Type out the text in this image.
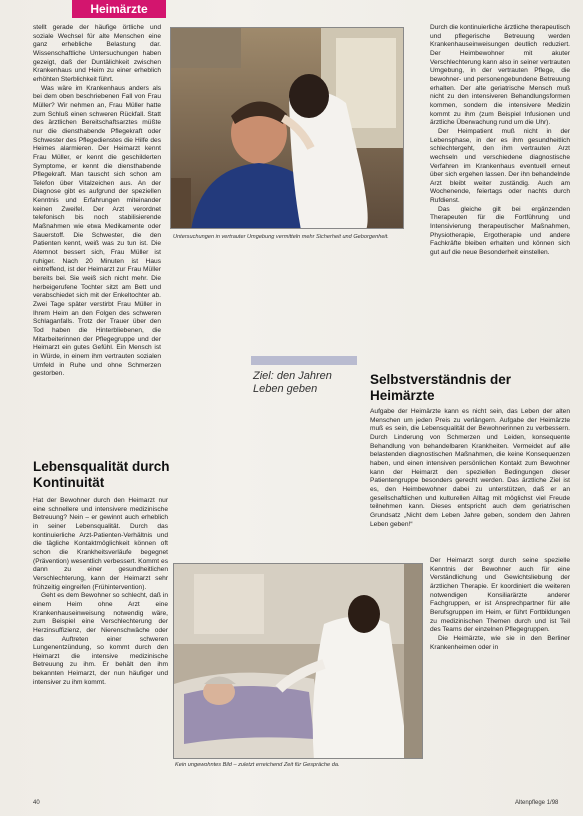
Heimärzte

stellt gerade der häufige örtliche und soziale Wechsel für alte Menschen eine ganz erhebliche Belastung dar. Wissenschaftliche Untersuchungen haben gezeigt, daß der Duntälichkeit zwischen Krankenhaus und Heim zu einer erheblich erhöhten Sterblichkeit führt.

Was wäre im Krankenhaus anders als bei dem oben beschriebenen Fall von Frau Müller? Wir nehmen an, Frau Müller hatte zum Schluß einen schweren Rückfall. Statt des ärztlichen Bereitschaftsarztes müßte nur die diensthabende Pflegekraft oder Schwester des Pflegedienstes die Hilfe des Heimes alarmieren. Der Heimarzt kennt Frau Müller, er kennt die geschilderten Symptome, er kennt die diensthabende Pflegekraft. Man tauscht sich schon am Telefon über Vitalzeichen aus. An der Diagnose gibt es aufgrund der speziellen Kenntnis und Erfahrungen miteinander keinen Zweifel. Der Arzt verordnet telefonisch bis noch stabilisierende Maßnahmen wie etwa Medikamente oder Sauerstoff. Die Schwester, die den Patienten kennt, weiß was zu tun ist. Die Atemnot bessert sich, Frau Müller ist ruhiger. Nach 20 Minuten ist Haus eintreffend, ist der Heimarzt zur Frau Müller bereits bei. Sie weiß sich nicht mehr. Die herbeigerufene Tochter sitzt am Bett und verabschiedet sich mit der Enkeltochter ab. Zwei Tage später verstirbt Frau Müller in Ihrem Heim an den Folgen des schweren Schlaganfalls. Trotz der Trauer über den Tod haben die Hinterbliebenen, die Mitarbeiterinnen der Pflegegruppe und der Heimarzt ein gutes Gefühl. Ein Mensch ist in Würde, in einem ihm vertrauten sozialen Umfeld in Ruhe und ohne Schmerzen gestorben.

Untersuchungen in vertrauter Umgebung vermitteln mehr Sicherheit und Geborgenheit.

Durch die kontinuierliche ärztliche therapeutisch und pflegerische Betreuung werden Krankenhauseinweisungen deutlich reduziert. Der Heimbewohner mit akuter Verschlechterung kann also in seiner vertrauten Umgebung, in der vertrauten Pflege, die bewohner- und personengebundene Betreuung erhalten. Der alte geriatrische Mensch muß nicht zu den intensiveren Behandlungsformen kommen, sondern die intensivere Medizin kommt zu ihm (zum Beispiel Infusionen und ärztliche Überwachung rund um die Uhr).

Der Heimpatient muß nicht in der Lebensphase, in der es ihm gesundheitlich schlechtergeht, den ihm vertrauten Arzt wechseln und verschiedene diagnostische Verfahren im Krankenhaus eventuell erneut über sich ergehen lassen. Der ihn behandelnde Arzt bleibt weiter zuständig. Auch am Wochenende, feiertags oder nachts durch Rufdienst.

Das gleiche gilt bei ergänzenden Therapeuten für die Fortführung und Intensivierung therapeutischer Maßnahmen, Physiotherapie, Ergotherapie und andere Fachkräfte bleiben erhalten und können sich gut auf die neue Besonderheit einstellen.

Ziel: den Jahren Leben geben
Selbstverständnis der Heimärzte

Aufgabe der Heimärzte kann es nicht sein, das Leben der alten Menschen um jeden Preis zu verlängern. Aufgabe der Heimärzte muß es sein, die Lebensqualität der Bewohnerinnen zu verbessern. Durch Linderung von Schmerzen und Leiden, konsequente Behandlung von behandelbaren Krankheiten. Vermeidet auf alle belastenden diagnostischen Maßnahmen, die keine Konsequenzen haben, und einen intensiven persönlichen Kontakt zum Bewohner kann der Heimarzt den speziellen Bedingungen dieser Patientengruppe besonders gerecht werden. Das ärztliche Ziel ist es, den Heimbewohner dabei zu unterstützen, daß er an gesellschaftlichen und kulturellen Alltag mit möglichst viel Freude teilnehmen kann. Dieses entspricht auch dem geriatrischen Grundsatz „Nicht dem Leben Jahre geben, sondern den Jahren Leben geben!“

Der Heimarzt sorgt durch seine spezielle Kenntnis der Bewohner auch für eine Verständlichung und Gewichtsliebung der ärztlichen Therapie. Er koordiniert die weiteren notwendigen Konsiliarärzte anderer Fachgruppen, er ist Ansprechpartner für alle Berufsgruppen im Heim, er führt Fortbildungen zu medizinischen Themen durch und ist Teil des Teams der einzelnen Pflegegruppen.

Die Heimärzte, wie sie in den Berliner Krankenheimen oder in

Lebensqualität durch Kontinuität

Hat der Bewohner durch den Heimarzt nur eine schnellere und intensivere medizinische Betreuung? Nein – er gewinnt auch erheblich in seiner Lebensqualität. Durch das kontinuierliche Arzt-Patienten-Verhältnis und die tägliche Kontaktmöglichkeit können oft schon die Krankheitsverläufe begegnet (Prävention) wesentlich verbessert. Kommt es dann zu einer gesundheitlichen Verschlechterung, kann der Heimarzt sehr frühzeitig eingreifen (Frühintervention).

Geht es dem Bewohner so schlecht, daß in einem Heim ohne Arzt eine Krankenhauseinweisung notwendig wäre, zum Beispiel eine Verschlechterung der Herzinsuffizienz, der Nierenschwäche oder das Auftreten einer schweren Lungenentzündung, so kommt durch den Heimarzt die intensive medizinische Betreuung zu ihm. Er behält den ihm bekannten Heimarzt, der nun häufiger und intensiver zu ihm kommt.

Kein ungewohntes Bild – zuletzt erreichend Zeit für Gespräche da.
40	Altenpflege 1/98
